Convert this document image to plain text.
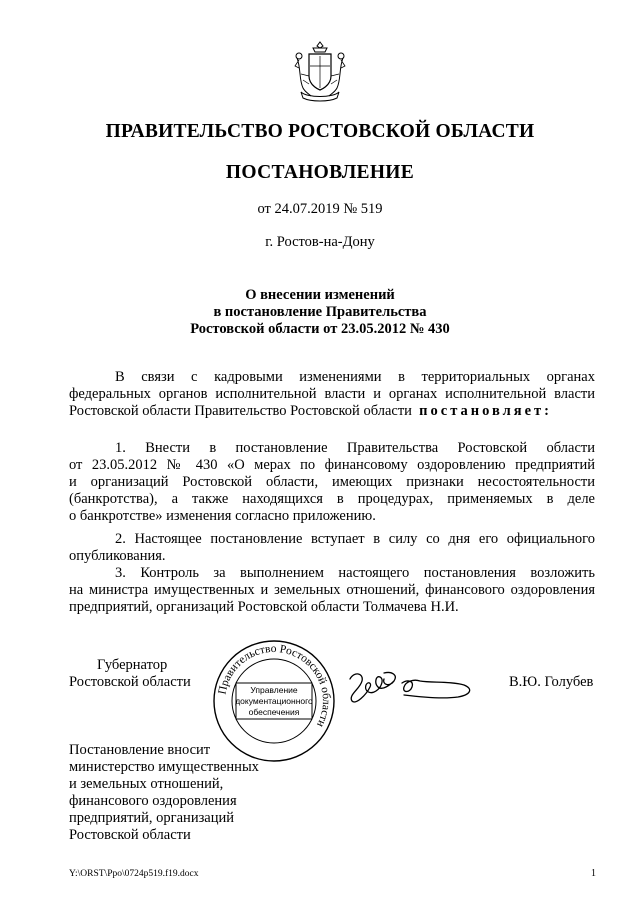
ПРАВИТЕЛЬСТВО РОСТОВСКОЙ ОБЛАСТИ
ПОСТАНОВЛЕНИЕ
от 24.07.2019 № 519
г. Ростов-на-Дону
О внесении изменений
в постановление Правительства
Ростовской области от 23.05.2012 № 430
В связи с кадровыми изменениями в территориальных органах
федеральных органов исполнительной власти и органах исполнительной власти
Ростовской области Правительство Ростовской области постановляет:
1. Внести в постановление Правительства Ростовской области
от 23.05.2012 № 430 «О мерах по финансовому оздоровлению предприятий
и организаций Ростовской области, имеющих признаки несостоятельности
(банкротства), а также находящихся в процедурах, применяемых в деле
о банкротстве» изменения согласно приложению.
2. Настоящее постановление вступает в силу со дня его официального
опубликования.
3. Контроль за выполнением настоящего постановления возложить
на министра имущественных и земельных отношений, финансового оздоровления
предприятий, организаций Ростовской области Толмачева Н.И.
Губернатор
Ростовской области
Правительство Ростовской области
Управление
документационного
обеспечения
В.Ю. Голубев
Постановление вносит
министерство имущественных
и земельных отношений,
финансового оздоровления
предприятий, организаций
Ростовской области
Y:\ORST\Ppo\0724p519.f19.docx	1
